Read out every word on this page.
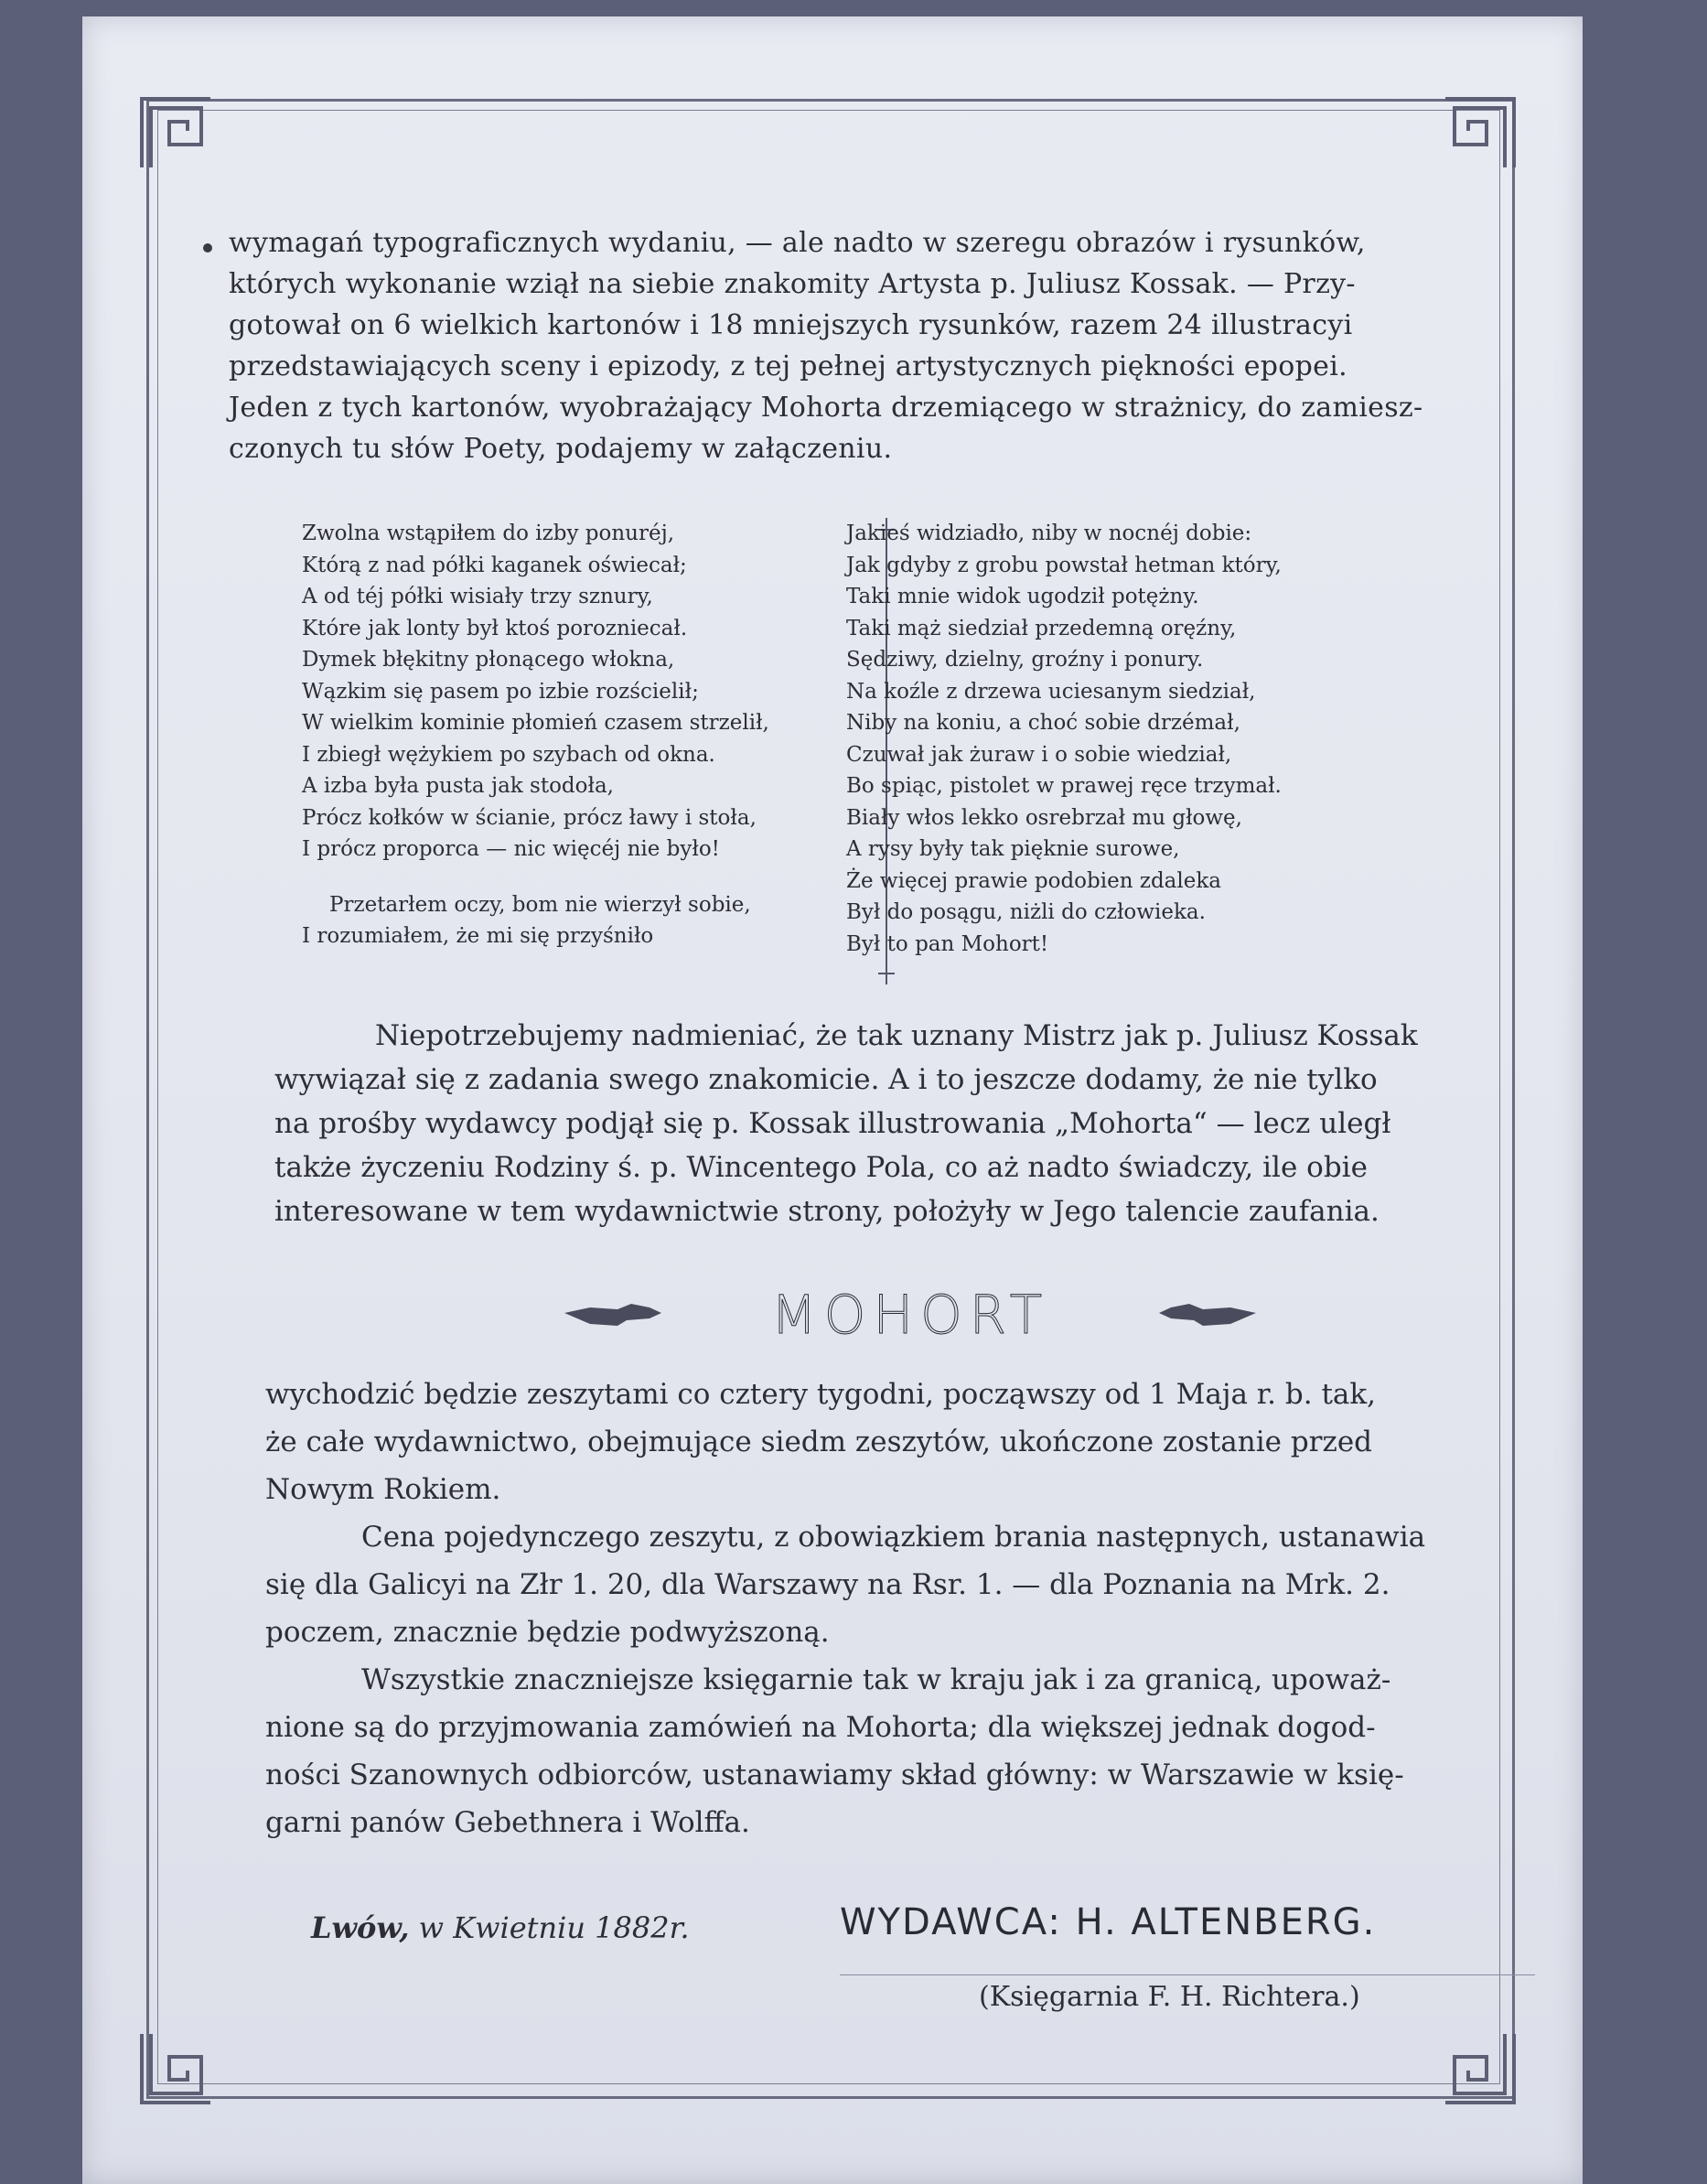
wymagań typograficznych wydaniu, — ale nadto w szeregu obrazów i rysunków,
których wykonanie wziął na siebie znakomity Artysta p. Juliusz Kossak. — Przy-
gotował on 6 wielkich kartonów i 18 mniejszych rysunków, razem 24 illustracyi
przedstawiających sceny i epizody, z tej pełnej artystycznych piękności epopei.
Jeden z tych kartonów, wyobrażający Mohorta drzemiącego w strażnicy, do zamiesz-
czonych tu słów Poety, podajemy w załączeniu.

Zwolna wstąpiłem do izby ponuréj,

Którą z nad półki kaganek oświecał;

A od téj półki wisiały trzy sznury,

Które jak lonty był ktoś porozniecał.

Dymek błękitny płonącego włokna,

Wązkim się pasem po izbie rozścielił;

W wielkim kominie płomień czasem strzelił,

I zbiegł wężykiem po szybach od okna.

A izba była pusta jak stodoła,

Prócz kołków w ścianie, prócz ławy i stoła,

I prócz proporca — nic więcéj nie było!

Przetarłem oczy, bom nie wierzył sobie,

I rozumiałem, że mi się przyśniło

Jakieś widziadło, niby w nocnéj dobie:

Jak gdyby z grobu powstał hetman który,

Taki mnie widok ugodził potężny.

Taki mąż siedział przedemną oręźny,

Sędziwy, dzielny, groźny i ponury.

Na koźle z drzewa uciesanym siedział,

Niby na koniu, a choć sobie drzémał,

Czuwał jak żuraw i o sobie wiedział,

Bo spiąc, pistolet w prawej ręce trzymał.

Biały włos lekko osrebrzał mu głowę,

A rysy były tak pięknie surowe,

Że więcej prawie podobien zdaleka

Był do posągu, niżli do człowieka.

Był to pan Mohort!

Niepotrzebujemy nadmieniać, że tak uznany Mistrz jak p. Juliusz Kossak
wywiązał się z zadania swego znakomicie. A i to jeszcze dodamy, że nie tylko
na prośby wydawcy podjął się p. Kossak illustrowania „Mohorta“ — lecz uległ
także życzeniu Rodziny ś. p. Wincentego Pola, co aż nadto świadczy, ile obie
interesowane w tem wydawnictwie strony, położyły w Jego talencie zaufania.
MOHORT
wychodzić będzie zeszytami co cztery tygodni, począwszy od 1 Maja r. b. tak,
że całe wydawnictwo, obejmujące siedm zeszytów, ukończone zostanie przed
Nowym Rokiem.
Cena pojedynczego zeszytu, z obowiązkiem brania następnych, ustanawia
się dla Galicyi na Złr 1. 20, dla Warszawy na Rsr. 1. — dla Poznania na Mrk. 2.
poczem, znacznie będzie podwyższoną.
Wszystkie znaczniejsze księgarnie tak w kraju jak i za granicą, upoważ-
nione są do przyjmowania zamówień na Mohorta; dla większej jednak dogod-
ności Szanownych odbiorców, ustanawiamy skład główny: w Warszawie w księ-
garni panów Gebethnera i Wolffa.
Lwów, w Kwietniu 1882r.	WYDAWCA: H. ALTENBERG.
(Księgarnia F. H. Richtera.)
